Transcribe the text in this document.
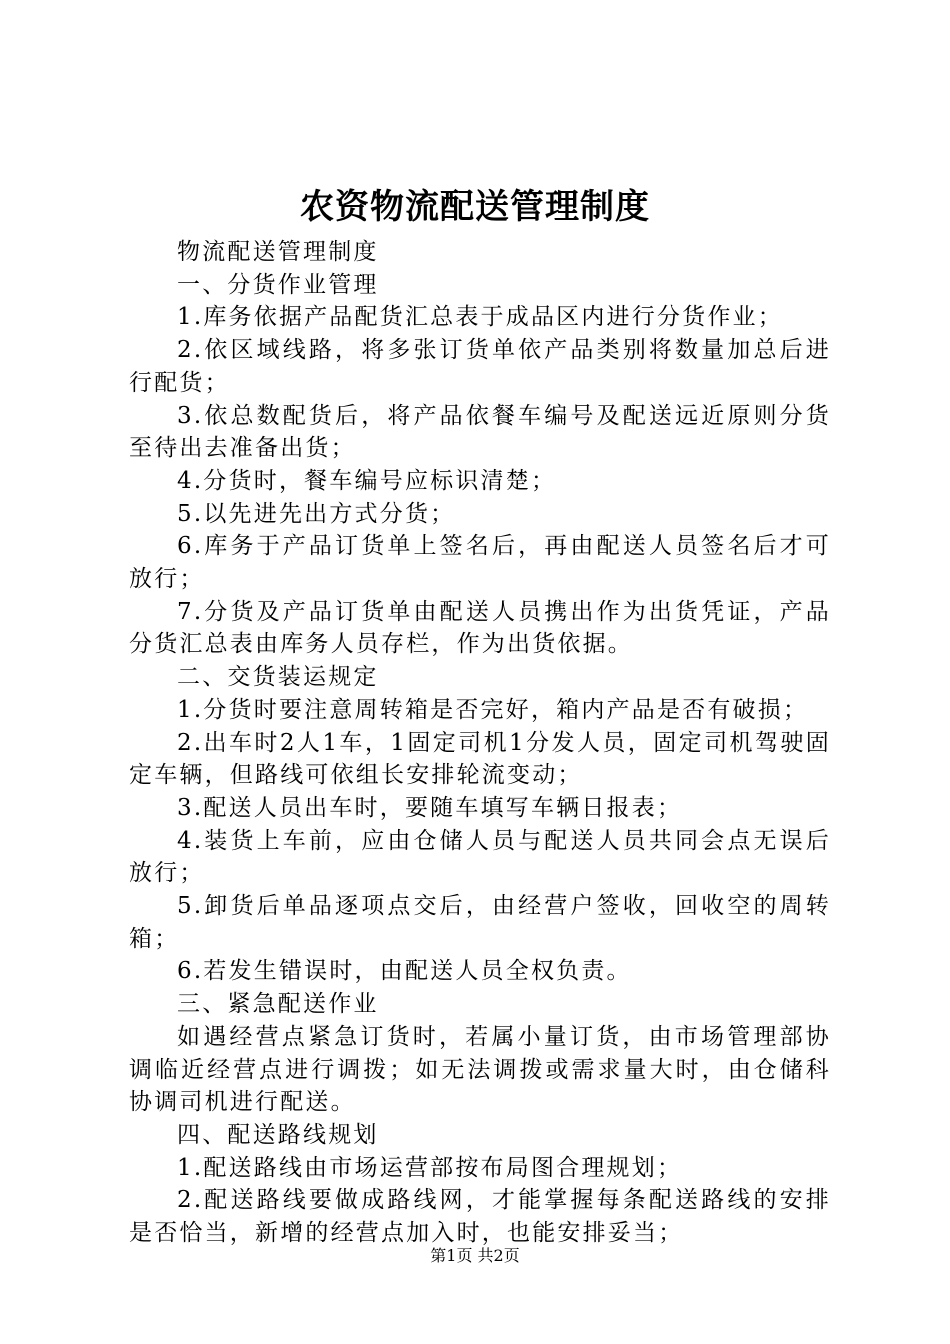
农资物流配送管理制度

物流配送管理制度

一、分货作业管理

1.库务依据产品配货汇总表于成品区内进行分货作业；

2.依区域线路，将多张订货单依产品类别将数量加总后进行配货；

3.依总数配货后，将产品依餐车编号及配送远近原则分货至待出去准备出货；

4.分货时，餐车编号应标识清楚；

5.以先进先出方式分货；

6.库务于产品订货单上签名后，再由配送人员签名后才可放行；

7.分货及产品订货单由配送人员携出作为出货凭证，产品分货汇总表由库务人员存栏，作为出货依据。

二、交货装运规定

1.分货时要注意周转箱是否完好，箱内产品是否有破损；

2.出车时2人1车，1固定司机1分发人员，固定司机驾驶固定车辆，但路线可依组长安排轮流变动；

3.配送人员出车时，要随车填写车辆日报表；

4.装货上车前，应由仓储人员与配送人员共同会点无误后放行；

5.卸货后单品逐项点交后，由经营户签收，回收空的周转箱；

6.若发生错误时，由配送人员全权负责。

三、紧急配送作业

如遇经营点紧急订货时，若属小量订货，由市场管理部协调临近经营点进行调拨；如无法调拨或需求量大时，由仓储科协调司机进行配送。

四、配送路线规划

1.配送路线由市场运营部按布局图合理规划；

2.配送路线要做成路线网，才能掌握每条配送路线的安排是否恰当，新增的经营点加入时，也能安排妥当；

第1页 共2页
